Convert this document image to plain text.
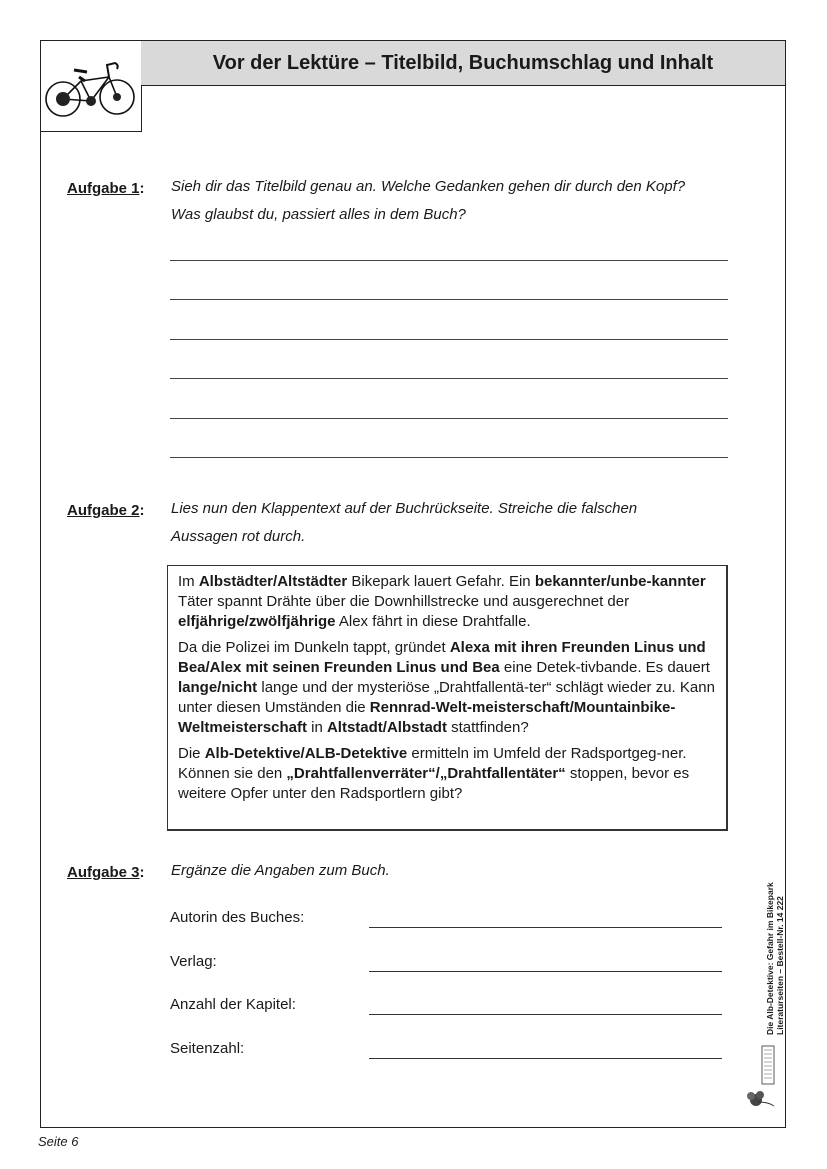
Vor der Lektüre – Titelbild, Buchumschlag und Inhalt
Aufgabe 1: Sieh dir das Titelbild genau an. Welche Gedanken gehen dir durch den Kopf?
Was glaubst du, passiert alles in dem Buch?
Aufgabe 2: Lies nun den Klappentext auf der Buchrückseite. Streiche die falschen
Aussagen rot durch.

Im Albstädter/Altstädter Bikepark lauert Gefahr. Ein bekannter/unbe-kannter Täter spannt Drähte über die Downhillstrecke und ausgerechnet der elfjährige/zwölfjährige Alex fährt in diese Drahtfalle.

Da die Polizei im Dunkeln tappt, gründet Alexa mit ihren Freunden Linus und Bea/Alex mit seinen Freunden Linus und Bea eine Detek-tivbande. Es dauert lange/nicht lange und der mysteriöse „Drahtfallentä-ter“ schlägt wieder zu. Kann unter diesen Umständen die Rennrad-Welt-meisterschaft/Mountainbike-Weltmeisterschaft in Altstadt/Albstadt stattfinden?

Die Alb-Detektive/ALB-Detektive ermitteln im Umfeld der Radsportgeg-ner. Können sie den „Drahtfallenverräter“/„Drahtfallentäter“ stoppen, bevor es weitere Opfer unter den Radsportlern gibt?

Aufgabe 3: Ergänze die Angaben zum Buch.
Autorin des Buches:
Verlag:
Anzahl der Kapitel:
Seitenzahl:
Die Alb-Detektive: Gefahr im Bikepark Literaturseiten – Bestell-Nr. 14 222
Seite 6
